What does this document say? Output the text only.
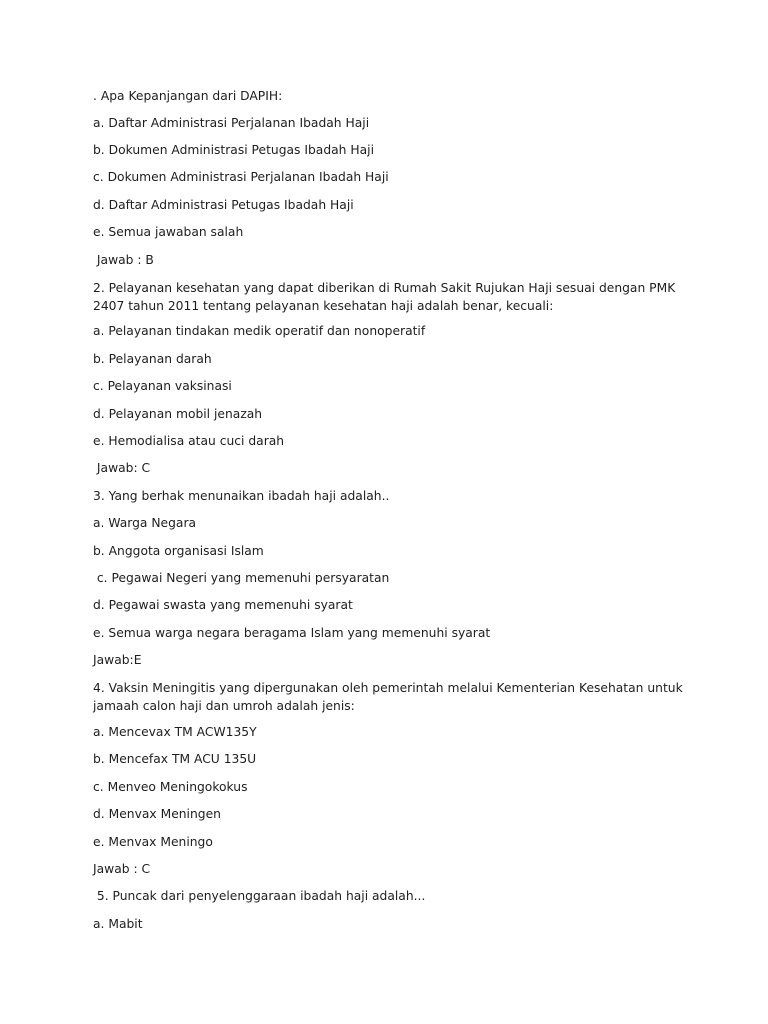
. Apa Kepanjangan dari DAPIH:
a. Daftar Administrasi Perjalanan Ibadah Haji
b. Dokumen Administrasi Petugas Ibadah Haji
c. Dokumen Administrasi Perjalanan Ibadah Haji
d. Daftar Administrasi Petugas Ibadah Haji
e. Semua jawaban salah
Jawab : B
2. Pelayanan kesehatan yang dapat diberikan di Rumah Sakit Rujukan Haji sesuai dengan PMK 2407 tahun 2011 tentang pelayanan kesehatan haji adalah benar, kecuali:
a. Pelayanan tindakan medik operatif dan nonoperatif
b. Pelayanan darah
c. Pelayanan vaksinasi
d. Pelayanan mobil jenazah
e. Hemodialisa atau cuci darah
Jawab: C
3. Yang berhak menunaikan ibadah haji adalah..
a. Warga Negara
b. Anggota organisasi Islam
c. Pegawai Negeri yang memenuhi persyaratan
d. Pegawai swasta yang memenuhi syarat
e. Semua warga negara beragama Islam yang memenuhi syarat
Jawab:E
4. Vaksin Meningitis yang dipergunakan oleh pemerintah melalui Kementerian Kesehatan untuk jamaah calon haji dan umroh adalah jenis:
a. Mencevax TM ACW135Y
b. Mencefax TM ACU 135U
c. Menveo Meningokokus
d. Menvax Meningen
e. Menvax Meningo
Jawab : C
5. Puncak dari penyelenggaraan ibadah haji adalah...
a. Mabit
